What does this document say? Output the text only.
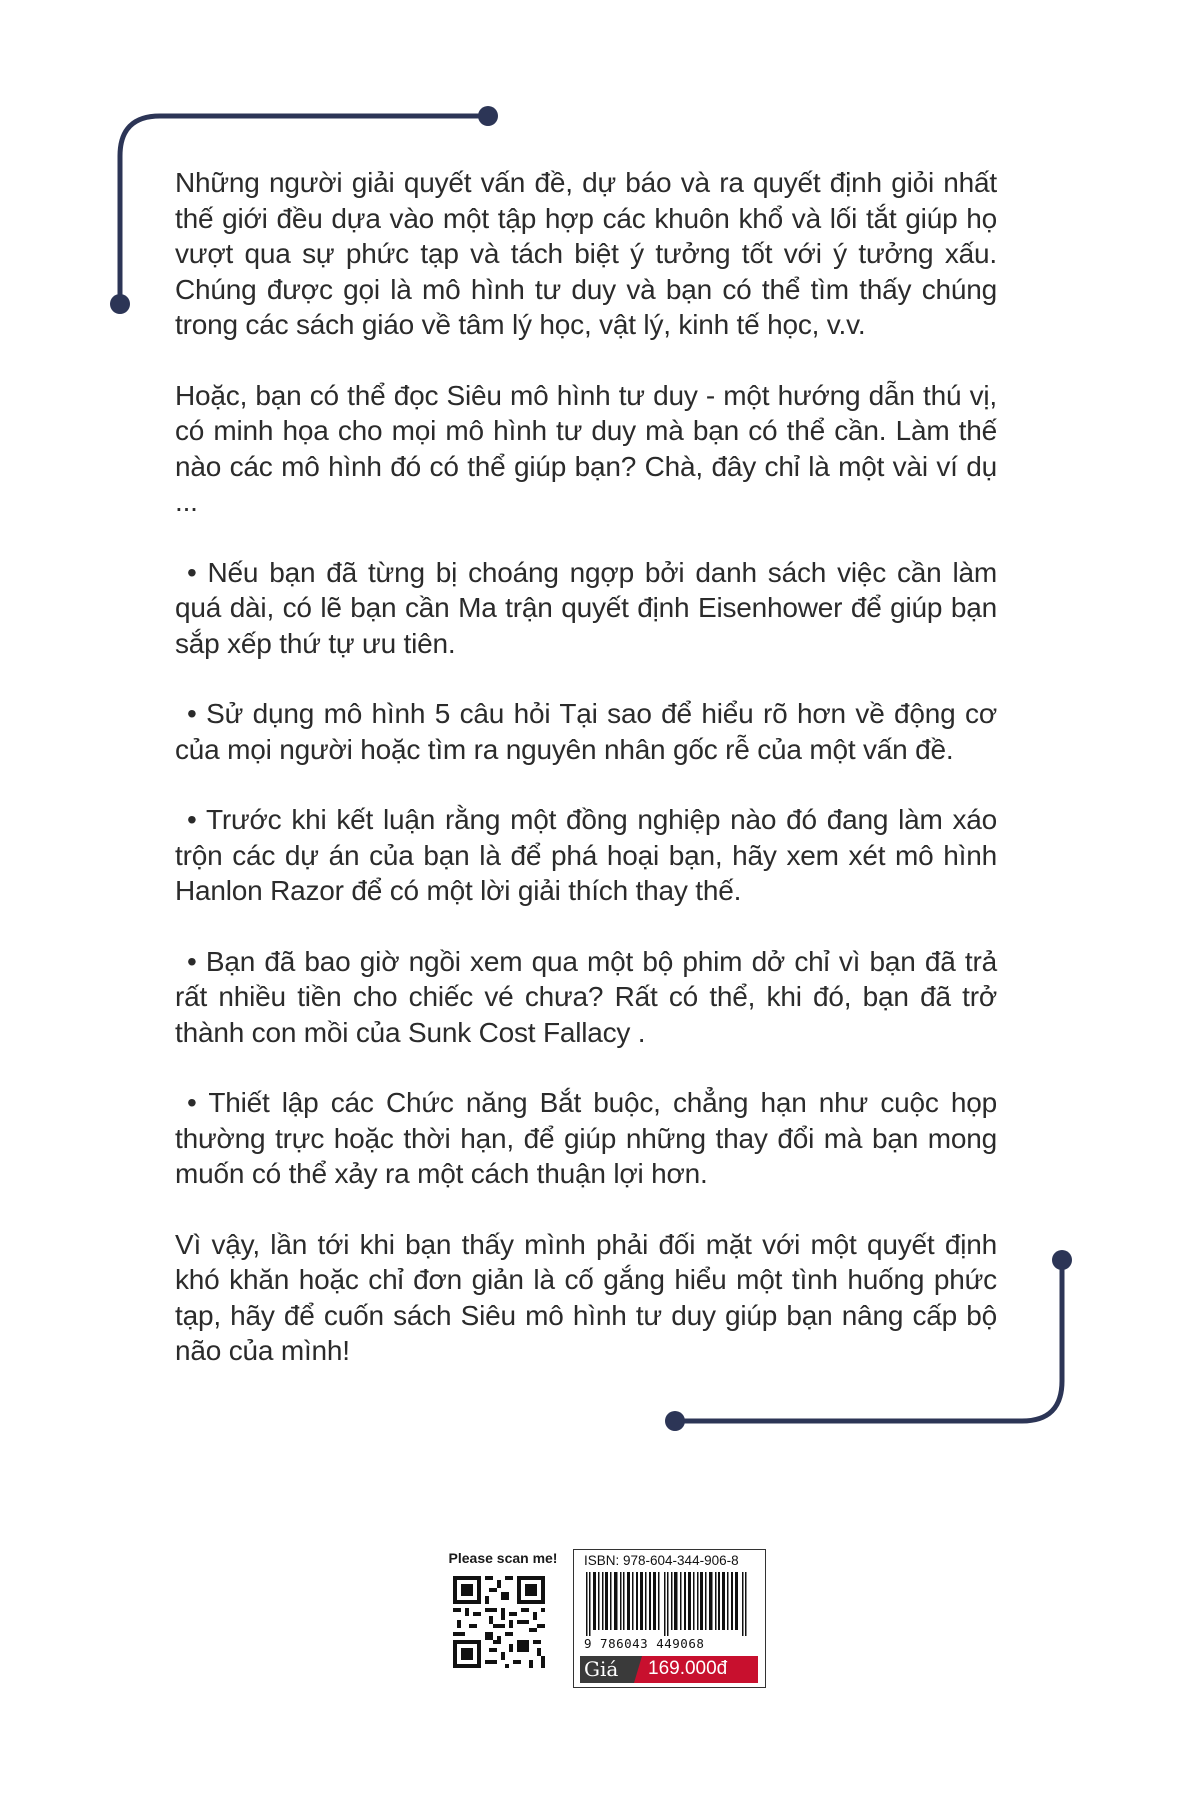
Những người giải quyết vấn đề, dự báo và ra quyết định giỏi nhất thế giới đều dựa vào một tập hợp các khuôn khổ và lối tắt giúp họ vượt qua sự phức tạp và tách biệt ý tưởng tốt với ý tưởng xấu. Chúng được gọi là mô hình tư duy và bạn có thể tìm thấy chúng trong các sách giáo về tâm lý học, vật lý, kinh tế học, v.v.

Hoặc, bạn có thể đọc Siêu mô hình tư duy - một hướng dẫn thú vị, có minh họa cho mọi mô hình tư duy mà bạn có thể cần. Làm thế nào các mô hình đó có thể giúp bạn? Chà, đây chỉ là một vài ví dụ ...

• Nếu bạn đã từng bị choáng ngợp bởi danh sách việc cần làm quá dài, có lẽ bạn cần Ma trận quyết định Eisenhower để giúp bạn sắp xếp thứ tự ưu tiên.

• Sử dụng mô hình 5 câu hỏi Tại sao để hiểu rõ hơn về động cơ của mọi người hoặc tìm ra nguyên nhân gốc rễ của một vấn đề.

• Trước khi kết luận rằng một đồng nghiệp nào đó đang làm xáo trộn các dự án của bạn là để phá hoại bạn, hãy xem xét mô hình Hanlon Razor để có một lời giải thích thay thế.

• Bạn đã bao giờ ngồi xem qua một bộ phim dở chỉ vì bạn đã trả rất nhiều tiền cho chiếc vé chưa? Rất có thể, khi đó, bạn đã trở thành con mồi của Sunk Cost Fallacy .

• Thiết lập các Chức năng Bắt buộc, chẳng hạn như cuộc họp thường trực hoặc thời hạn, để giúp những thay đổi mà bạn mong muốn có thể xảy ra một cách thuận lợi hơn.

Vì vậy, lần tới khi bạn thấy mình phải đối mặt với một quyết định khó khăn hoặc chỉ đơn giản là cố gắng hiểu một tình huống phức tạp, hãy để cuốn sách Siêu mô hình tư duy giúp bạn nâng cấp bộ não của mình!

Please scan me!	ISBN: 978-604-344-906-8
9 786043 449068
Giá 169.000đ
